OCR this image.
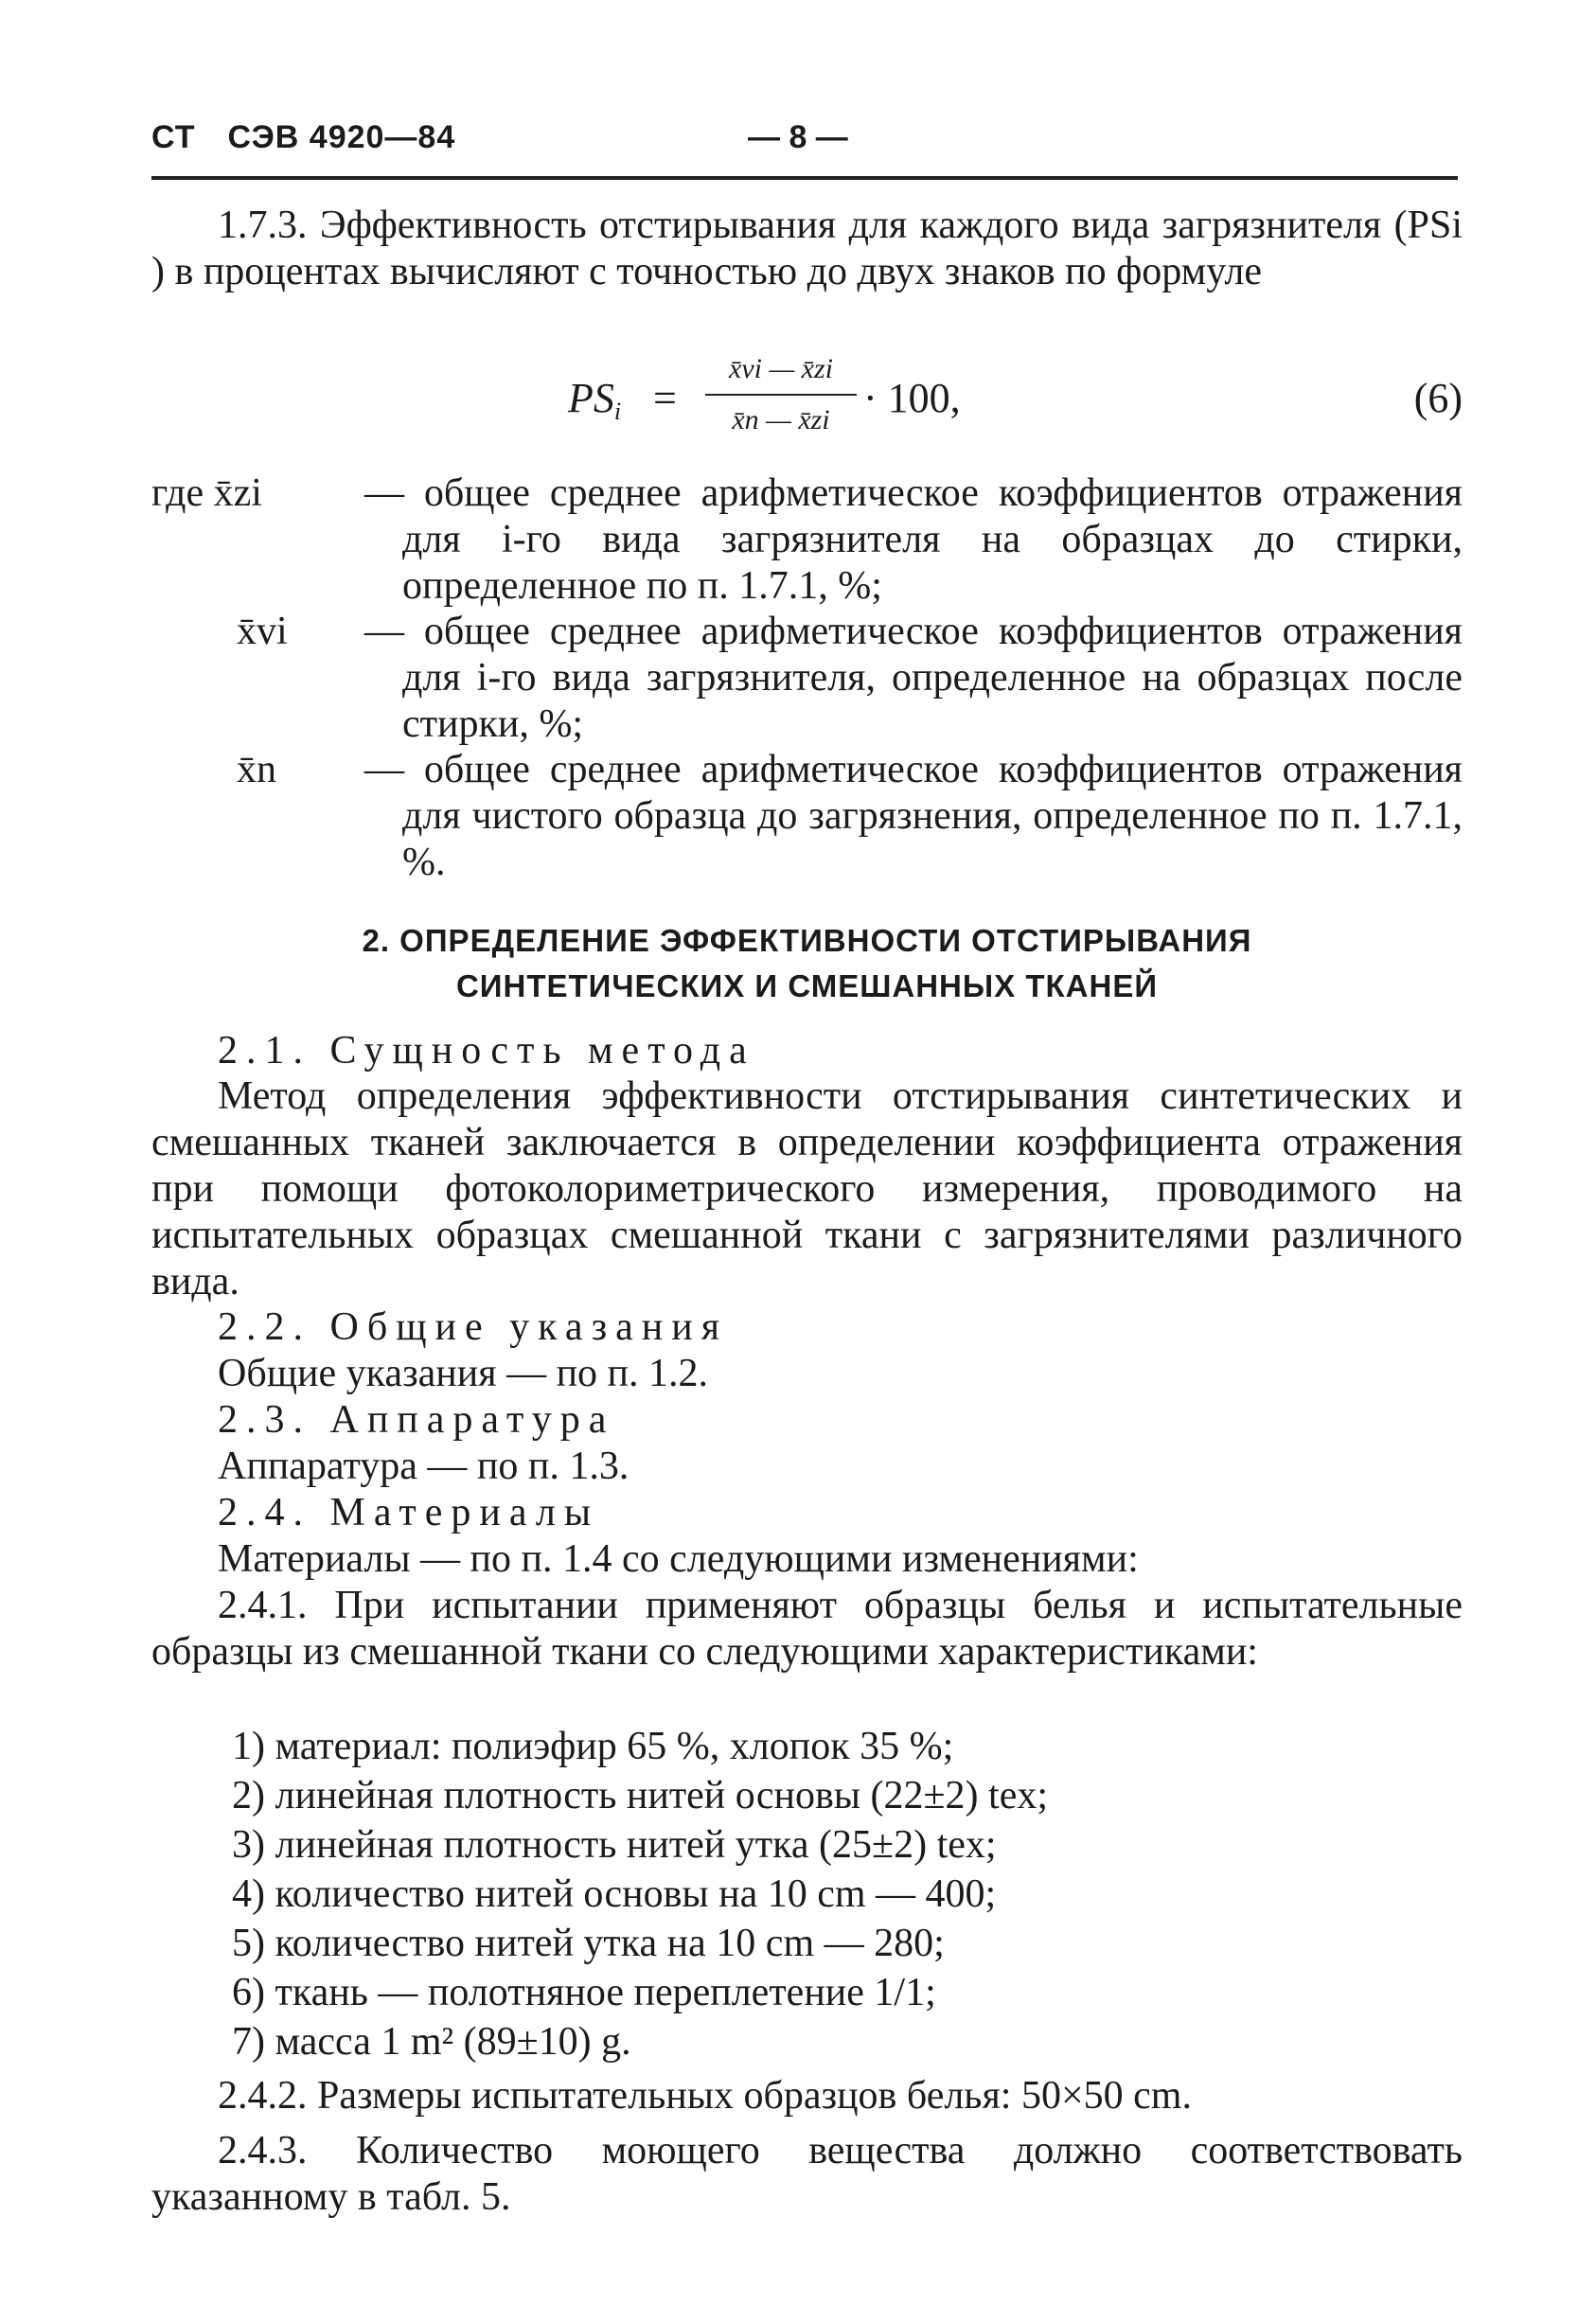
СТ СЭВ 4920—84	— 8 —

1.7.3. Эффективность отстирывания для каждого вида загрязнителя (PSi ) в процентах вычисляют с точностью до двух знаков по формуле

$PS_i$ =
x̄vi — x̄zi
x̄n — x̄zi · 100,	(6)
где x̄zi	— общее среднее арифметическое коэффициентов отражения для i-го вида загрязнителя на образцах до стирки, определенное по п. 1.7.1, %;
x̄vi	— общее среднее арифметическое коэффициентов отражения для i-го вида загрязнителя, определенное на образцах после стирки, %;
x̄n	— общее среднее арифметическое коэффициентов отражения для чистого образца до загрязнения, определенное по п. 1.7.1, %.
2. ОПРЕДЕЛЕНИЕ ЭФФЕКТИВНОСТИ ОТСТИРЫВАНИЯ
СИНТЕТИЧЕСКИХ И СМЕШАННЫХ ТКАНЕЙ

2.1. Сущность метода

Метод определения эффективности отстирывания синтетических и смешанных тканей заключается в определении коэффициента отражения при помощи фотоколориметрического измерения, проводимого на испытательных образцах смешанной ткани с загрязнителями различного вида.

2.2. Общие указания

Общие указания — по п. 1.2.

2.3. Аппаратура

Аппаратура — по п. 1.3.

2.4. Материалы

Материалы — по п. 1.4 со следующими изменениями:

2.4.1. При испытании применяют образцы белья и испытательные образцы из смешанной ткани со следующими характеристиками:

1) материал: полиэфир 65 %, хлопок 35 %;
2) линейная плотность нитей основы (22±2) tex;
3) линейная плотность нитей утка (25±2) tex;
4) количество нитей основы на 10 cm — 400;
5) количество нитей утка на 10 cm — 280;
6) ткань — полотняное переплетение 1/1;
7) масса 1 m² (89±10) g.

2.4.2. Размеры испытательных образцов белья: 50×50 cm.

2.4.3. Количество моющего вещества должно соответствовать указанному в табл. 5.
